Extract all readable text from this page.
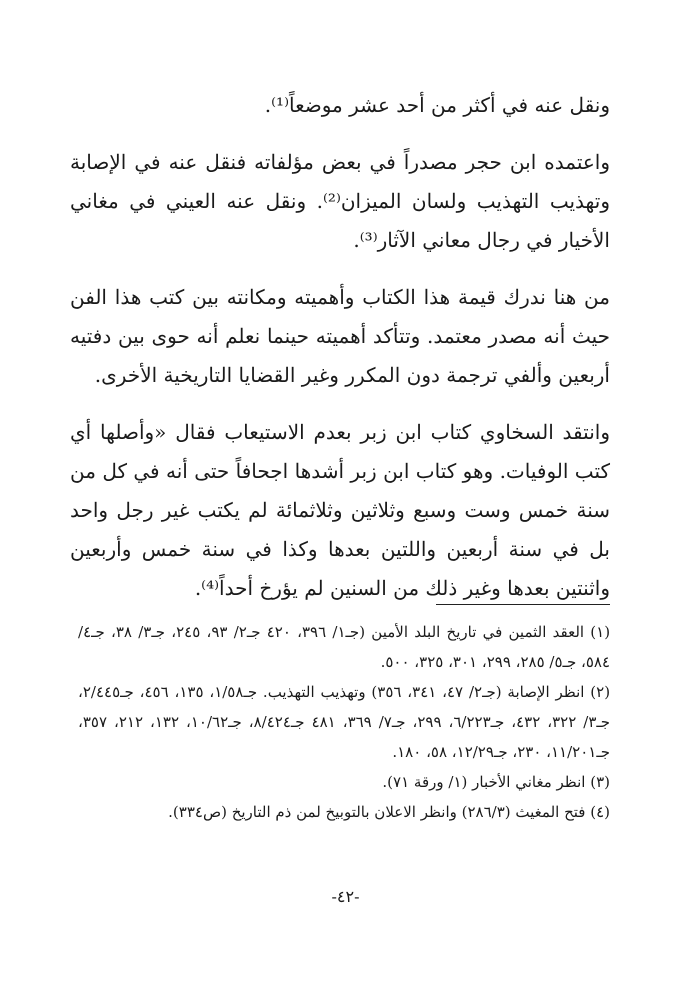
ونقل عنه في أكثر من أحد عشر موضعاً⁽¹⁾.

واعتمده ابن حجر مصدراً في بعض مؤلفاته فنقل عنه في الإصابة وتهذيب التهذيب ولسان الميزان⁽²⁾. ونقل عنه العيني في مغاني الأخيار في رجال معاني الآثار⁽³⁾.

من هنا ندرك قيمة هذا الكتاب وأهميته ومكانته بين كتب هذا الفن حيث أنه مصدر معتمد. وتتأكد أهميته حينما نعلم أنه حوى بين دفتيه أربعين وألفي ترجمة دون المكرر وغير القضايا التاريخية الأخرى.

وانتقد السخاوي كتاب ابن زبر بعدم الاستيعاب فقال «وأصلها أي كتب الوفيات. وهو كتاب ابن زبر أشدها اجحافاً حتى أنه في كل من سنة خمس وست وسبع وثلاثين وثلاثمائة لم يكتب غير رجل واحد بل في سنة أربعين واللتين بعدها وكذا في سنة خمس وأربعين واثنتين بعدها وغير ذلك من السنين لم يؤرخ أحداً⁽⁴⁾.

(١) العقد الثمين في تاريخ البلد الأمين (جـ١/ ٣٩٦، ٤٢٠ جـ٢/ ٩٣، ٢٤٥، جـ٣/ ٣٨، جـ٤/ ٥٨٤، جـ٥/ ٢٨٥، ٢٩٩، ٣٠١، ٣٢٥، ٥٠٠.

(٢) انظر الإصابة (جـ٢/ ٤٧، ٣٤١، ٣٥٦) وتهذيب التهذيب. جـ١/٥٨، ١٣٥، ٤٥٦، جـ٢/٤٤٥، جـ٣/ ٣٢٢، ٤٣٢، جـ٦/٢٢٣، ٢٩٩، جـ٧/ ٣٦٩، ٤٨١ جـ٨/٤٢٤، جـ١٠/٦٢، ١٣٢، ٢١٢، ٣٥٧، جـ١١/٢٠١، ٢٣٠، جـ١٢/٢٩، ٥٨، ١٨٠.

(٣) انظر مغاني الأخبار (١/ ورقة ٧١).

(٤) فتح المغيث (٢٨٦/٣) وانظر الاعلان بالتوبيخ لمن ذم التاريخ (ص٣٣٤).

-٤٢-
